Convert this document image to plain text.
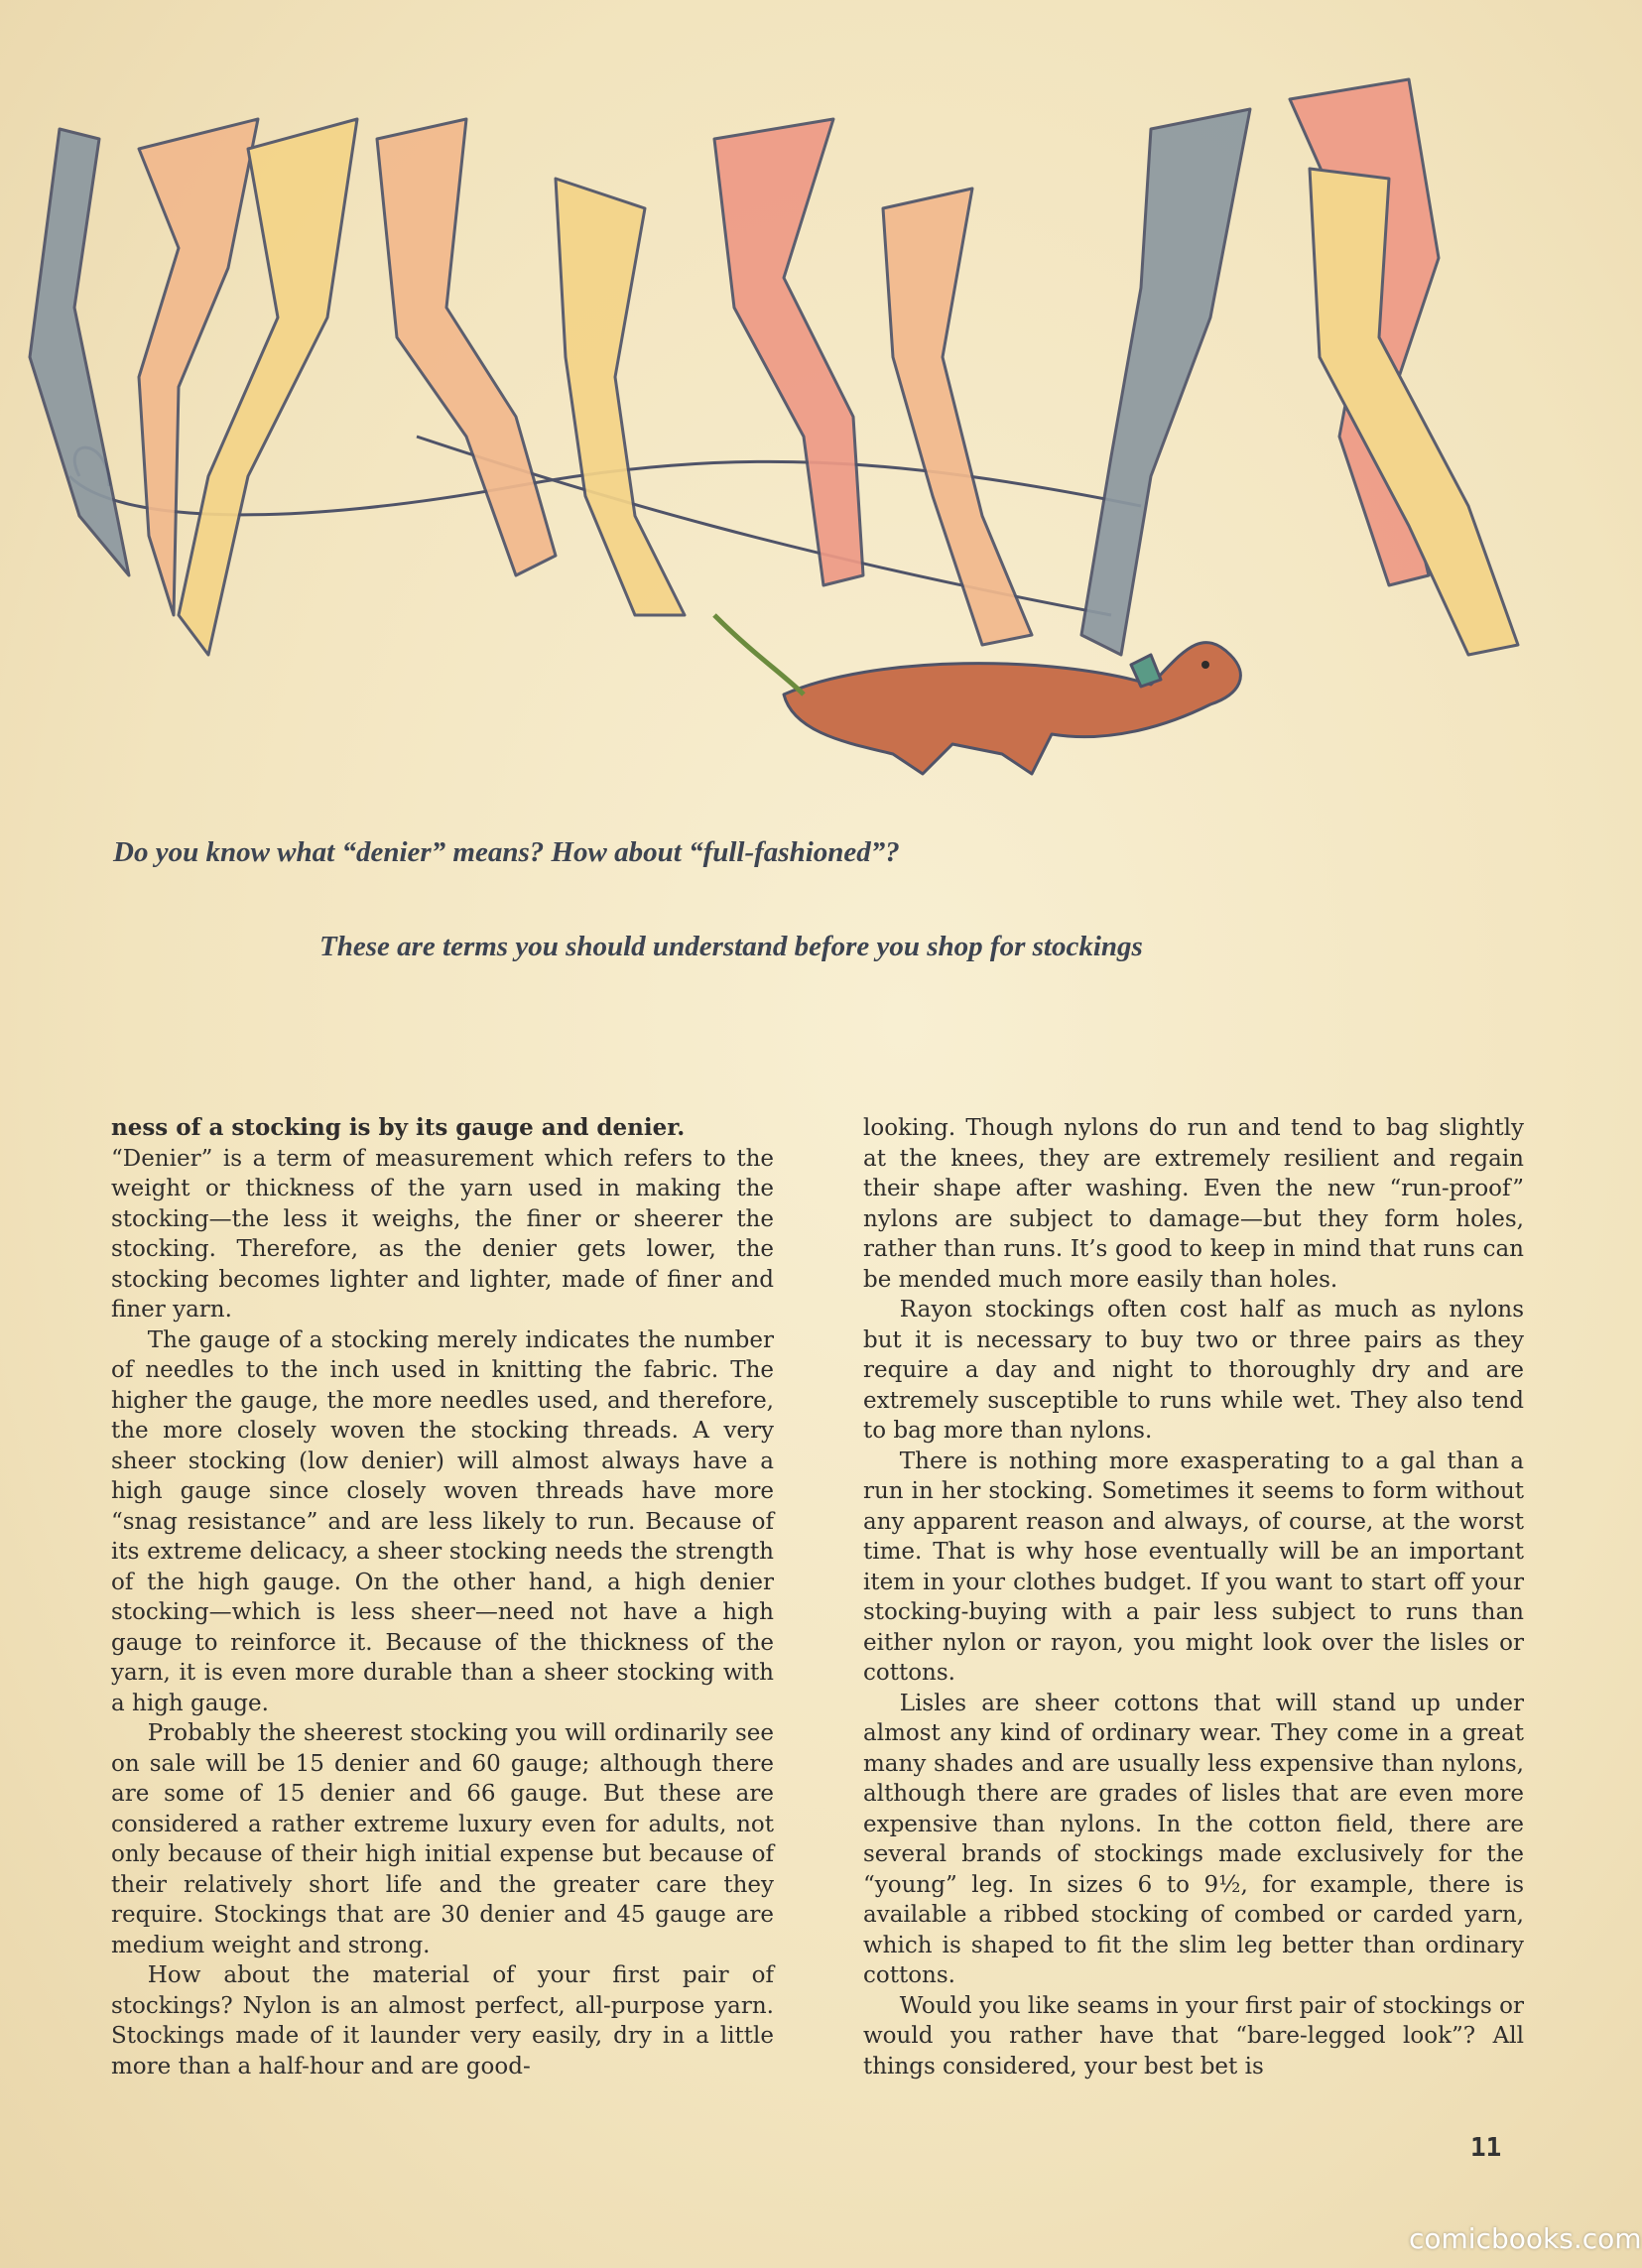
Do you know what “denier” means? How about “full-fashioned”?
These are terms you should understand before you shop for stockings

ness of a stocking is by its gauge and denier.
“Denier” is a term of measurement which refers to the weight or thickness of the yarn used in making the stocking—the less it weighs, the finer or sheerer the stocking. Therefore, as the denier gets lower, the stocking becomes lighter and lighter, made of finer and finer yarn.

The gauge of a stocking merely indicates the number of needles to the inch used in knitting the fabric. The higher the gauge, the more needles used, and therefore, the more closely woven the stocking threads. A very sheer stocking (low denier) will almost always have a high gauge since closely woven threads have more “snag resistance” and are less likely to run. Because of its extreme delicacy, a sheer stocking needs the strength of the high gauge. On the other hand, a high denier stocking—which is less sheer—need not have a high gauge to reinforce it. Because of the thickness of the yarn, it is even more durable than a sheer stocking with a high gauge.

Probably the sheerest stocking you will ordinarily see on sale will be 15 denier and 60 gauge; although there are some of 15 denier and 66 gauge. But these are considered a rather extreme luxury even for adults, not only because of their high initial expense but because of their relatively short life and the greater care they require. Stockings that are 30 denier and 45 gauge are medium weight and strong.

How about the material of your first pair of stockings? Nylon is an almost perfect, all-purpose yarn. Stockings made of it launder very easily, dry in a little more than a half-hour and are good-

looking. Though nylons do run and tend to bag slightly at the knees, they are extremely resilient and regain their shape after washing. Even the new “run-proof” nylons are subject to damage—but they form holes, rather than runs. It’s good to keep in mind that runs can be mended much more easily than holes.

Rayon stockings often cost half as much as nylons but it is necessary to buy two or three pairs as they require a day and night to thoroughly dry and are extremely susceptible to runs while wet. They also tend to bag more than nylons.

There is nothing more exasperating to a gal than a run in her stocking. Sometimes it seems to form without any apparent reason and always, of course, at the worst time. That is why hose eventually will be an important item in your clothes budget. If you want to start off your stocking-buying with a pair less subject to runs than either nylon or rayon, you might look over the lisles or cottons.

Lisles are sheer cottons that will stand up under almost any kind of ordinary wear. They come in a great many shades and are usually less expensive than nylons, although there are grades of lisles that are even more expensive than nylons. In the cotton field, there are several brands of stockings made exclusively for the “young” leg. In sizes 6 to 9½, for example, there is available a ribbed stocking of combed or carded yarn, which is shaped to fit the slim leg better than ordinary cottons.

Would you like seams in your first pair of stockings or would you rather have that “bare-legged look”? All things considered, your best bet is

11
comicbooks.com
